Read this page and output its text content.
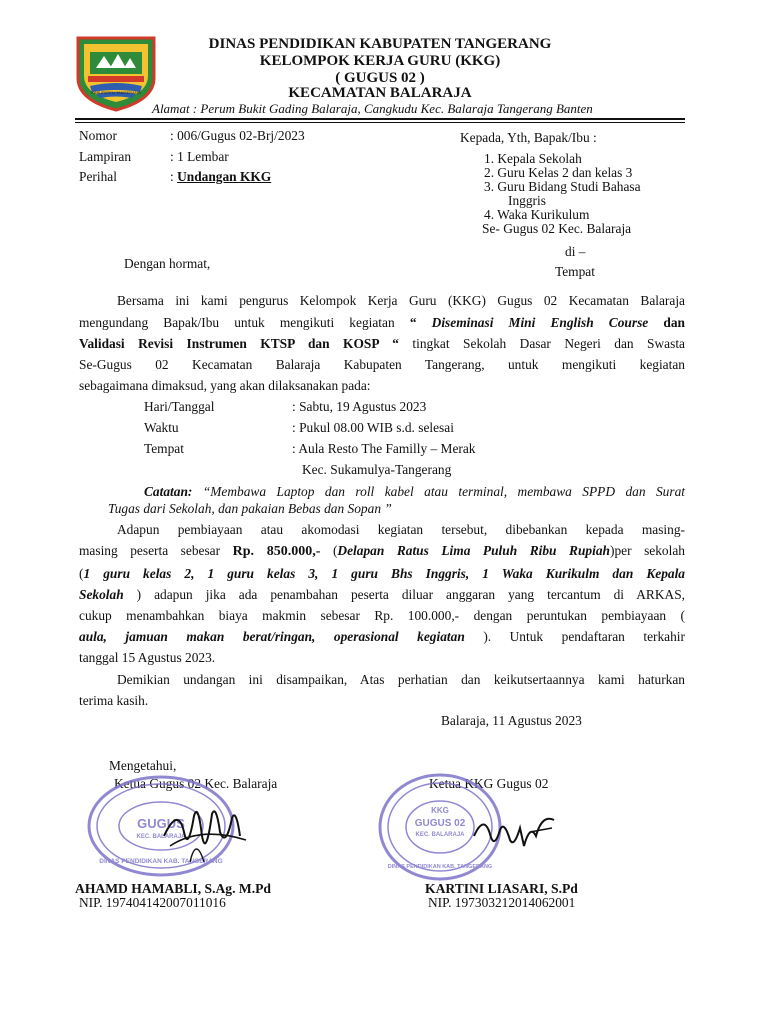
KABUPATEN TANGERANG
DINAS PENDIDIKAN KABUPATEN TANGERANG
KELOMPOK KERJA GURU (KKG)
( GUGUS 02 )
KECAMATAN BALARAJA
Alamat : Perum Bukit Gading Balaraja, Cangkudu Kec. Balaraja Tangerang Banten
Nomor	: 006/Gugus 02-Brj/2023
Lampiran	: 1 Lembar
Perihal	: Undangan KKG
Kepada, Yth, Bapak/Ibu :
1. Kepala Sekolah
2. Guru Kelas 2 dan kelas 3
3. Guru Bidang Studi Bahasa
Inggris
4. Waka Kurikulum
Se- Gugus 02 Kec. Balaraja
di –
Tempat
Dengan hormat,
Bersama ini kami pengurus Kelompok Kerja Guru (KKG) Gugus 02 Kecamatan Balaraja
mengundang Bapak/Ibu untuk mengikuti kegiatan “ Diseminasi Mini English Course dan
Validasi Revisi Instrumen KTSP dan KOSP “ tingkat Sekolah Dasar Negeri dan Swasta
Se-Gugus 02 Kecamatan Balaraja Kabupaten Tangerang, untuk mengikuti kegiatan
sebagaimana dimaksud, yang akan dilaksanakan pada:
Hari/Tanggal	: Sabtu, 19 Agustus 2023
Waktu	: Pukul 08.00 WIB s.d. selesai
Tempat	: Aula Resto The Familly – Merak
Kec. Sukamulya-Tangerang
Catatan: “Membawa Laptop dan roll kabel atau terminal, membawa SPPD dan Surat
Tugas dari Sekolah, dan pakaian Bebas dan Sopan ”
Adapun pembiayaan atau akomodasi kegiatan tersebut, dibebankan kepada masing-
masing peserta sebesar Rp. 850.000,- (Delapan Ratus Lima Puluh Ribu Rupiah)per sekolah
(1 guru kelas 2, 1 guru kelas 3, 1 guru Bhs Inggris, 1 Waka Kurikulm dan Kepala
Sekolah ) adapun jika ada penambahan peserta diluar anggaran yang tercantum di ARKAS,
cukup menambahkan biaya makmin sebesar Rp. 100.000,- dengan peruntukan pembiayaan (
aula, jamuan makan berat/ringan, operasional kegiatan ). Untuk pendaftaran terkahir
tanggal 15 Agustus 2023.
Demikian undangan ini disampaikan, Atas perhatian dan keikutsertaannya kami haturkan
terima kasih.
Balaraja, 11 Agustus 2023
Mengetahui,
Ketua Gugus 02 Kec. Balaraja	Ketua KKG Gugus 02
DINAS PENDIDIKAN KAB. TANGERANG
GUGUS
KEC. BALARAJA
DINAS PENDIDIKAN KAB. TANGERANG
KKG
GUGUS 02
KEC. BALARAJA
AHAMD HAMABLI, S.Ag. M.Pd
NIP. 197404142007011016
KARTINI LIASARI, S.Pd
NIP. 197303212014062001
